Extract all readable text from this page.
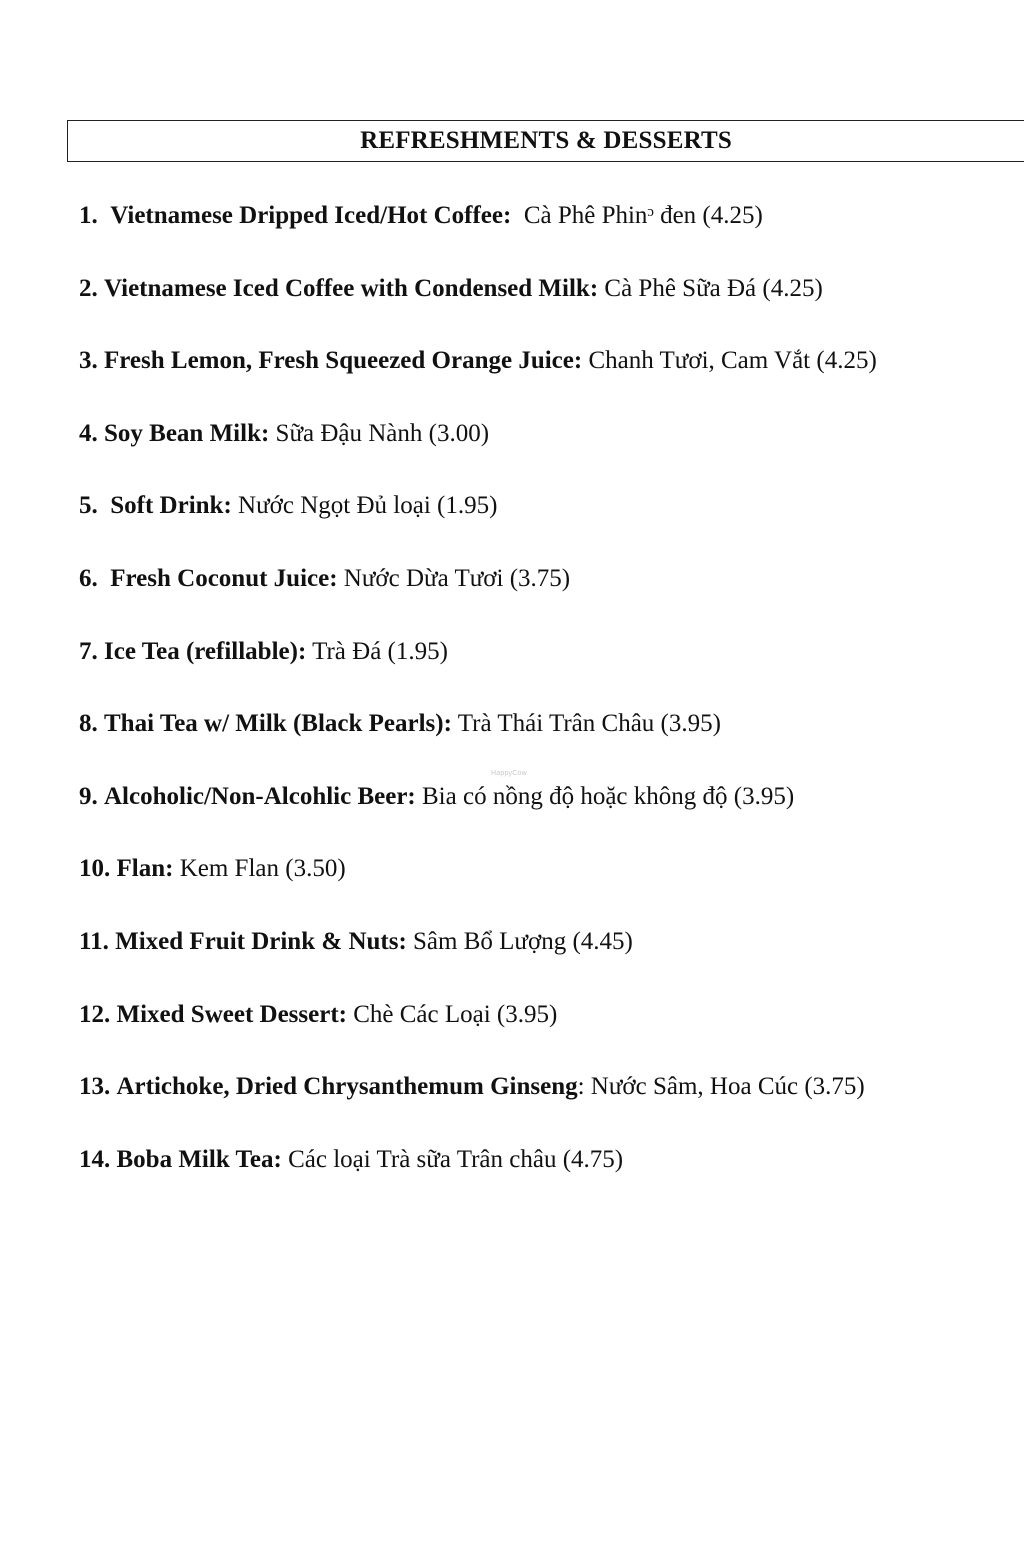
REFRESHMENTS & DESSERTS
1. Vietnamese Dripped Iced/Hot Coffee:  Cà Phê Phinᵓ đen (4.25)
2. Vietnamese Iced Coffee with Condensed Milk: Cà Phê Sữa Đá (4.25)
3. Fresh Lemon, Fresh Squeezed Orange Juice: Chanh Tươi, Cam Vắt (4.25)
4. Soy Bean Milk: Sữa Đậu Nành (3.00)
5. Soft Drink: Nước Ngọt Đủ loại (1.95)
6. Fresh Coconut Juice: Nước Dừa Tươi (3.75)
7. Ice Tea (refillable): Trà Đá (1.95)
8. Thai Tea w/ Milk (Black Pearls): Trà Thái Trân Châu (3.95)
9. Alcoholic/Non-Alcohlic Beer: Bia có nồng độ hoặc không độ (3.95)
10. Flan: Kem Flan (3.50)
11. Mixed Fruit Drink & Nuts: Sâm Bổ Lượng (4.45)
12. Mixed Sweet Dessert: Chè Các Loại (3.95)
13. Artichoke, Dried Chrysanthemum Ginseng: Nước Sâm, Hoa Cúc (3.75)
14. Boba Milk Tea: Các loại Trà sữa Trân châu (4.75)
HappyCow
